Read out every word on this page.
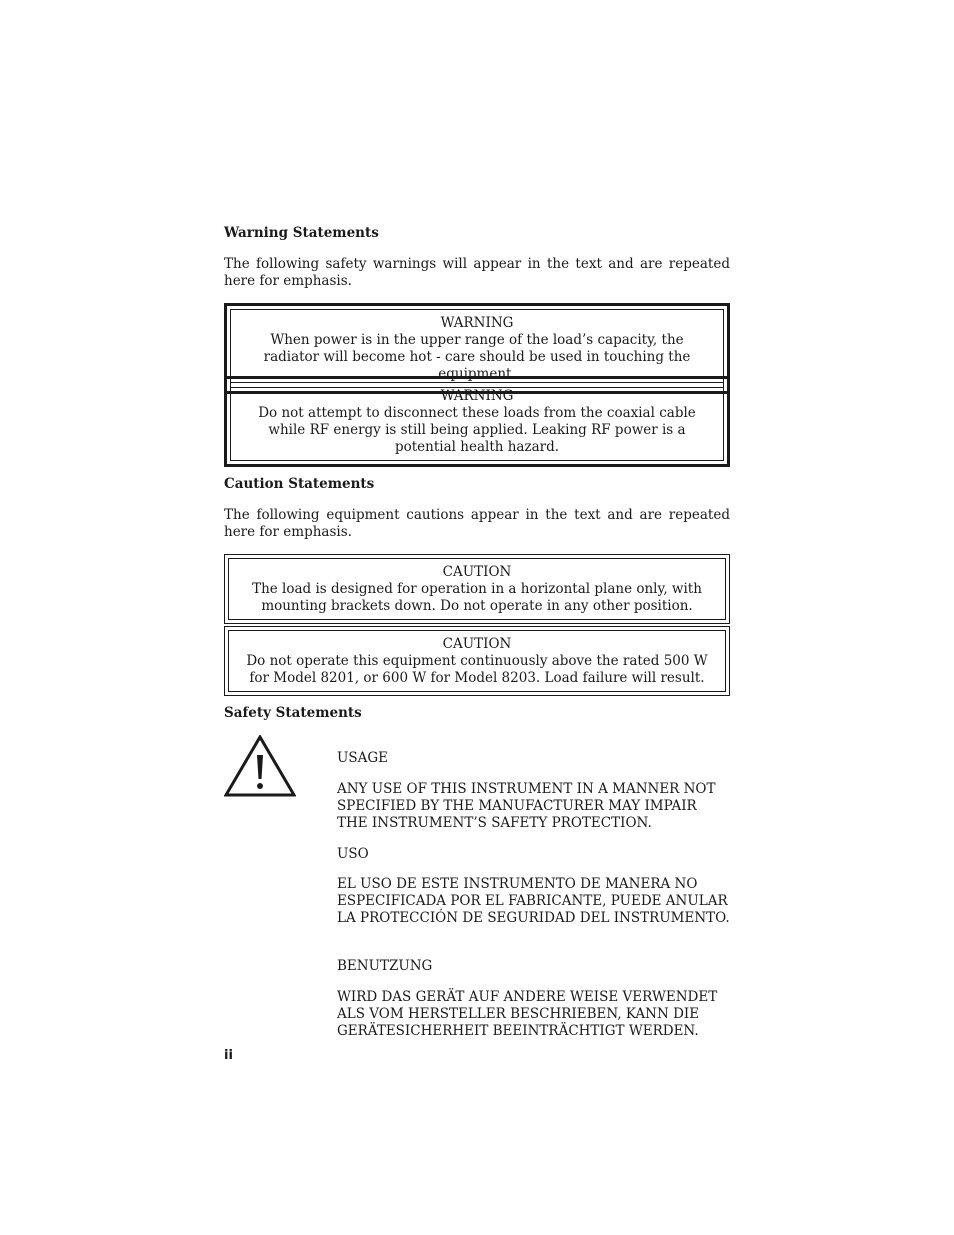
Warning Statements

The following safety warnings will appear in the text and are repeated here for emphasis.

WARNING
When power is in the upper range of the load’s capacity, the radiator will become hot - care should be used in touching the equipment.
WARNING
Do not attempt to disconnect these loads from the coaxial cable while RF energy is still being applied. Leaking RF power is a potential health hazard.
Caution Statements

The following equipment cautions appear in the text and are repeated here for emphasis.

CAUTION
The load is designed for operation in a horizontal plane only, with mounting brackets down. Do not operate in any other position.
CAUTION
Do not operate this equipment continuously above the rated 500 W for Model 8201, or 600 W for Model 8203. Load failure will result.
Safety Statements

USAGE

ANY USE OF THIS INSTRUMENT IN A MANNER NOT SPECIFIED BY THE MANUFACTURER MAY IMPAIR THE INSTRUMENT’S SAFETY PROTECTION.

USO

EL USO DE ESTE INSTRUMENTO DE MANERA NO ESPECIFICADA POR EL FABRICANTE, PUEDE ANULAR LA PROTECCIÓN DE SEGURIDAD DEL INSTRUMENTO.

BENUTZUNG

WIRD DAS GERÄT AUF ANDERE WEISE VERWENDET ALS VOM HERSTELLER BESCHRIEBEN, KANN DIE GERÄTESICHERHEIT BEEINTRÄCHTIGT WERDEN.

ii
